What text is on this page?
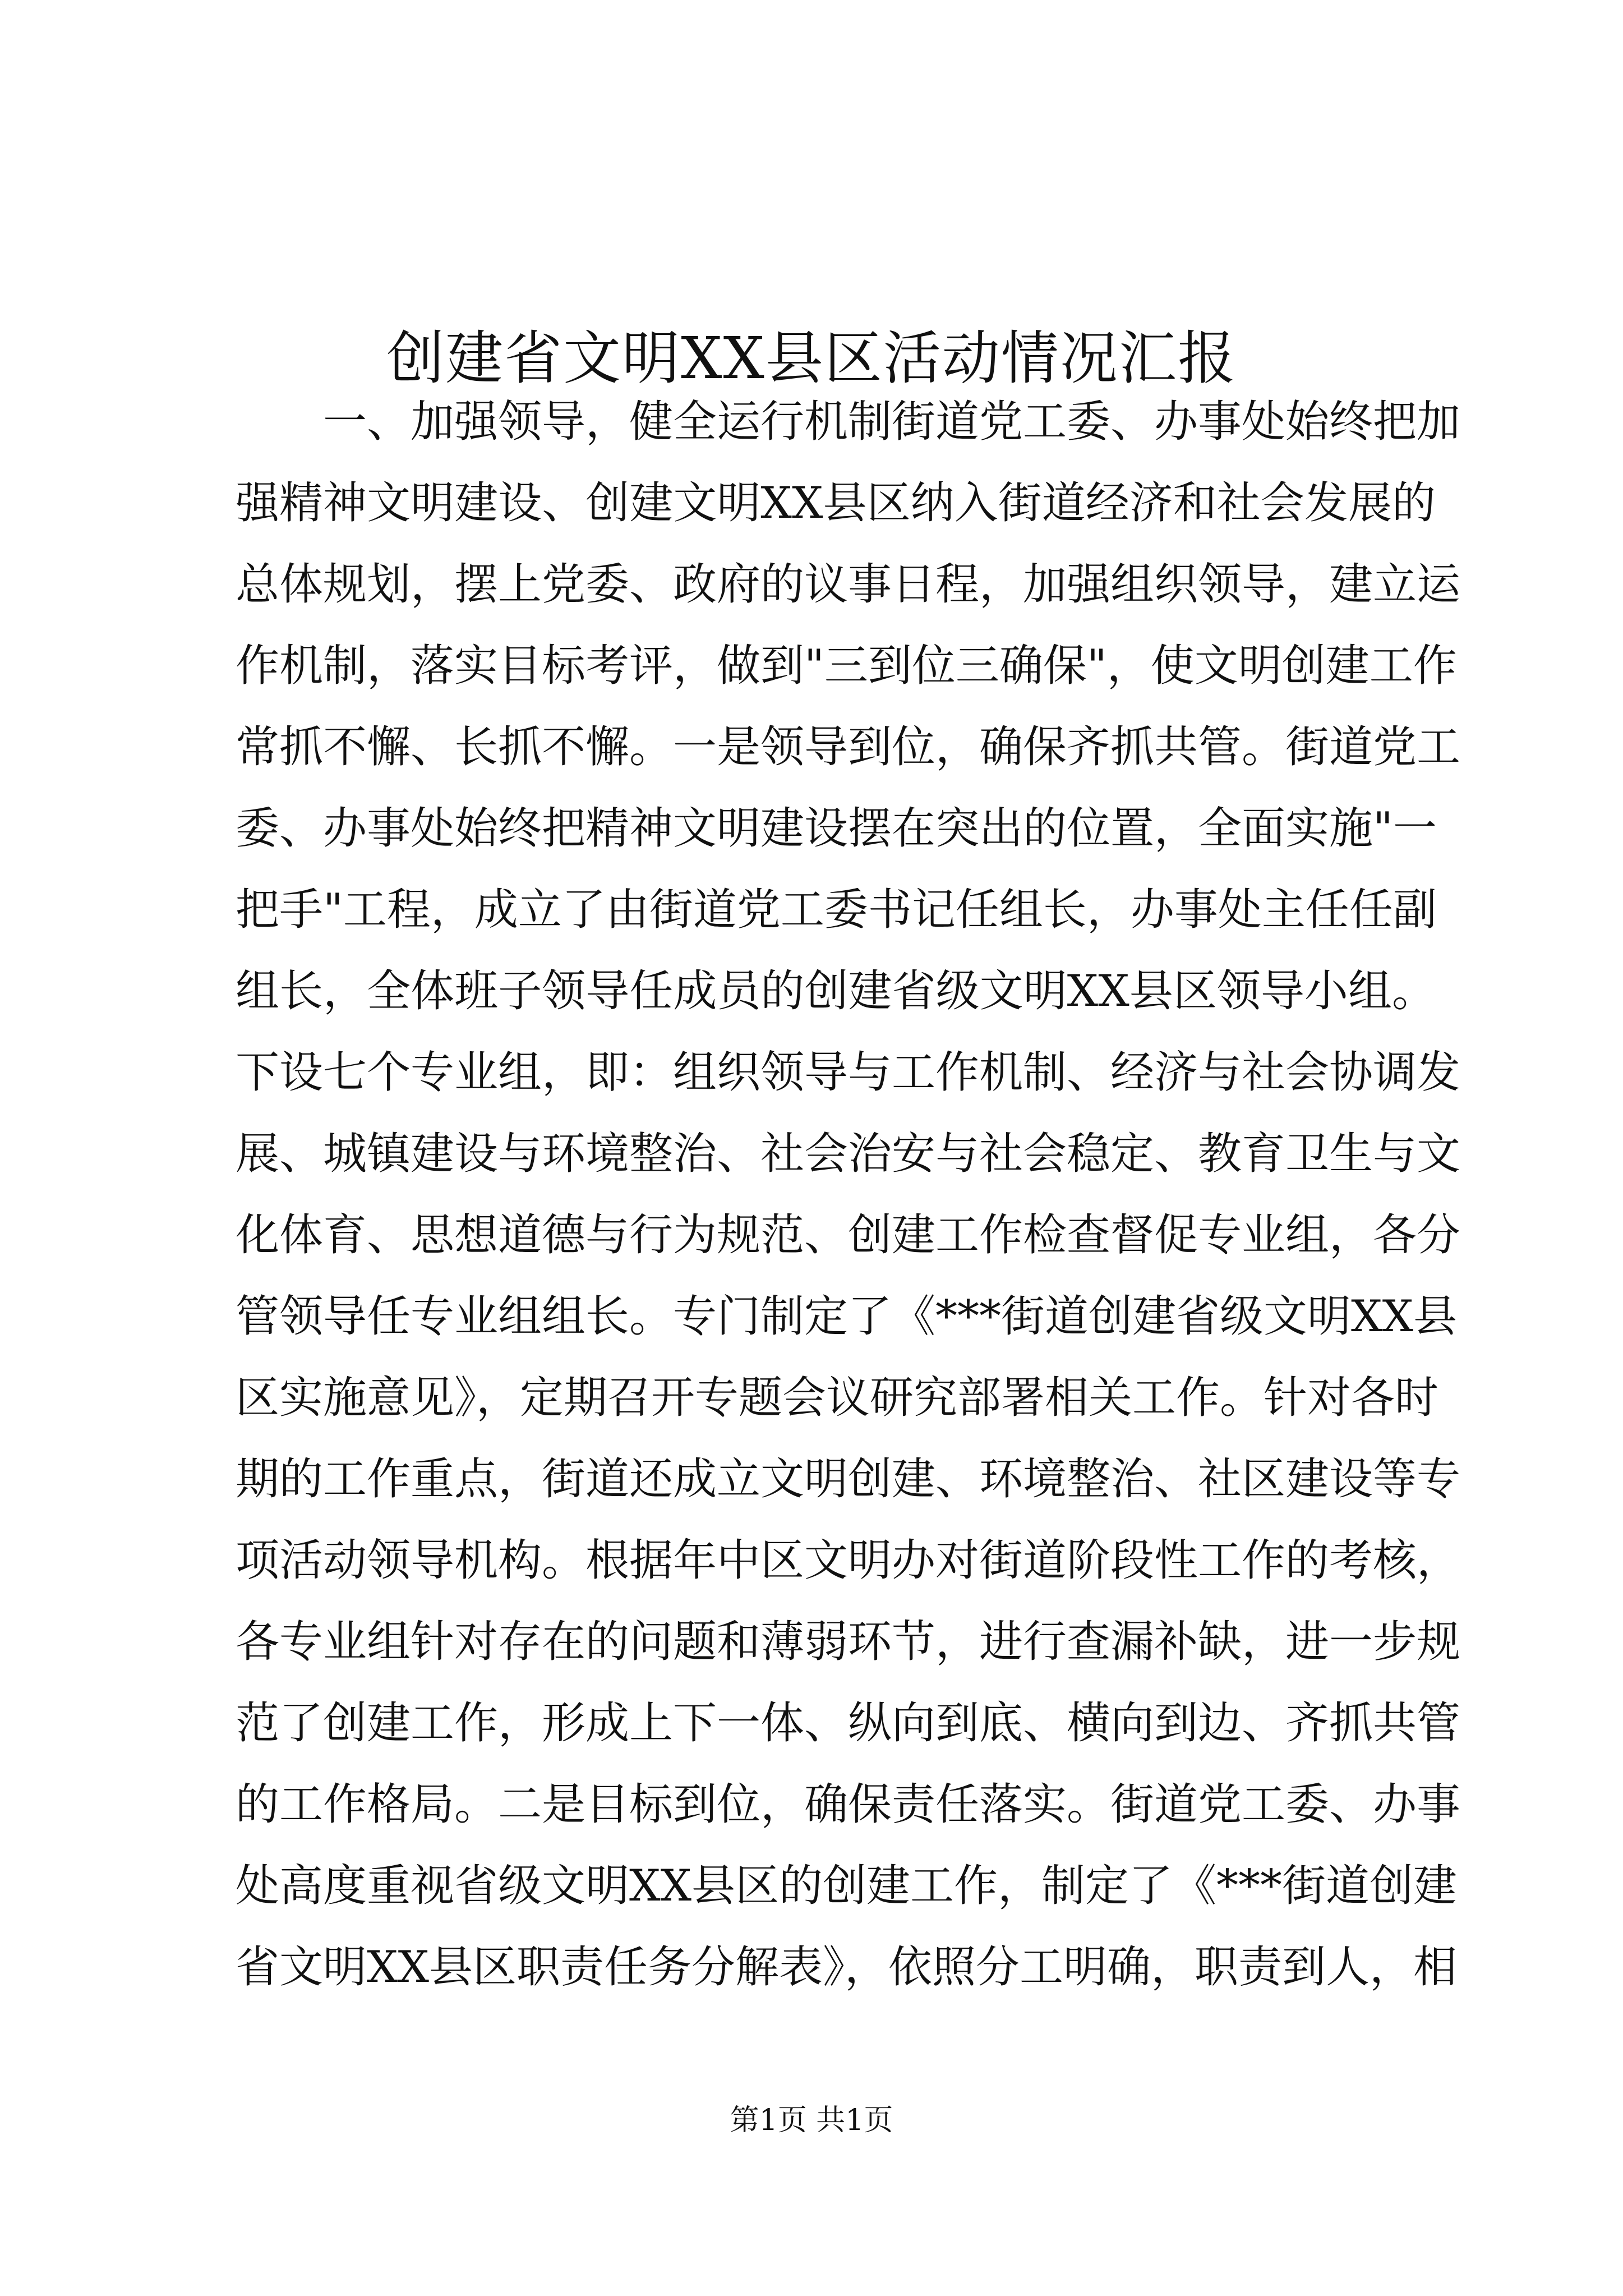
创建省文明XX县区活动情况汇报
　　一、加强领导，健全运行机制街道党工委、办事处始终把加
强精神文明建设、创建文明XX县区纳入街道经济和社会发展的
总体规划，摆上党委、政府的议事日程，加强组织领导，建立运
作机制，落实目标考评，做到"三到位三确保"，使文明创建工作
常抓不懈、长抓不懈。一是领导到位，确保齐抓共管。街道党工
委、办事处始终把精神文明建设摆在突出的位置，全面实施"一
把手"工程，成立了由街道党工委书记任组长，办事处主任任副
组长，全体班子领导任成员的创建省级文明XX县区领导小组。
下设七个专业组，即：组织领导与工作机制、经济与社会协调发
展、城镇建设与环境整治、社会治安与社会稳定、教育卫生与文
化体育、思想道德与行为规范、创建工作检查督促专业组，各分
管领导任专业组组长。专门制定了《***街道创建省级文明XX县
区实施意见》，定期召开专题会议研究部署相关工作。针对各时
期的工作重点，街道还成立文明创建、环境整治、社区建设等专
项活动领导机构。根据年中区文明办对街道阶段性工作的考核，
各专业组针对存在的问题和薄弱环节，进行查漏补缺，进一步规
范了创建工作，形成上下一体、纵向到底、横向到边、齐抓共管
的工作格局。二是目标到位，确保责任落实。街道党工委、办事
处高度重视省级文明XX县区的创建工作，制定了《***街道创建
省文明XX县区职责任务分解表》，依照分工明确，职责到人，相
第1页 共1页
